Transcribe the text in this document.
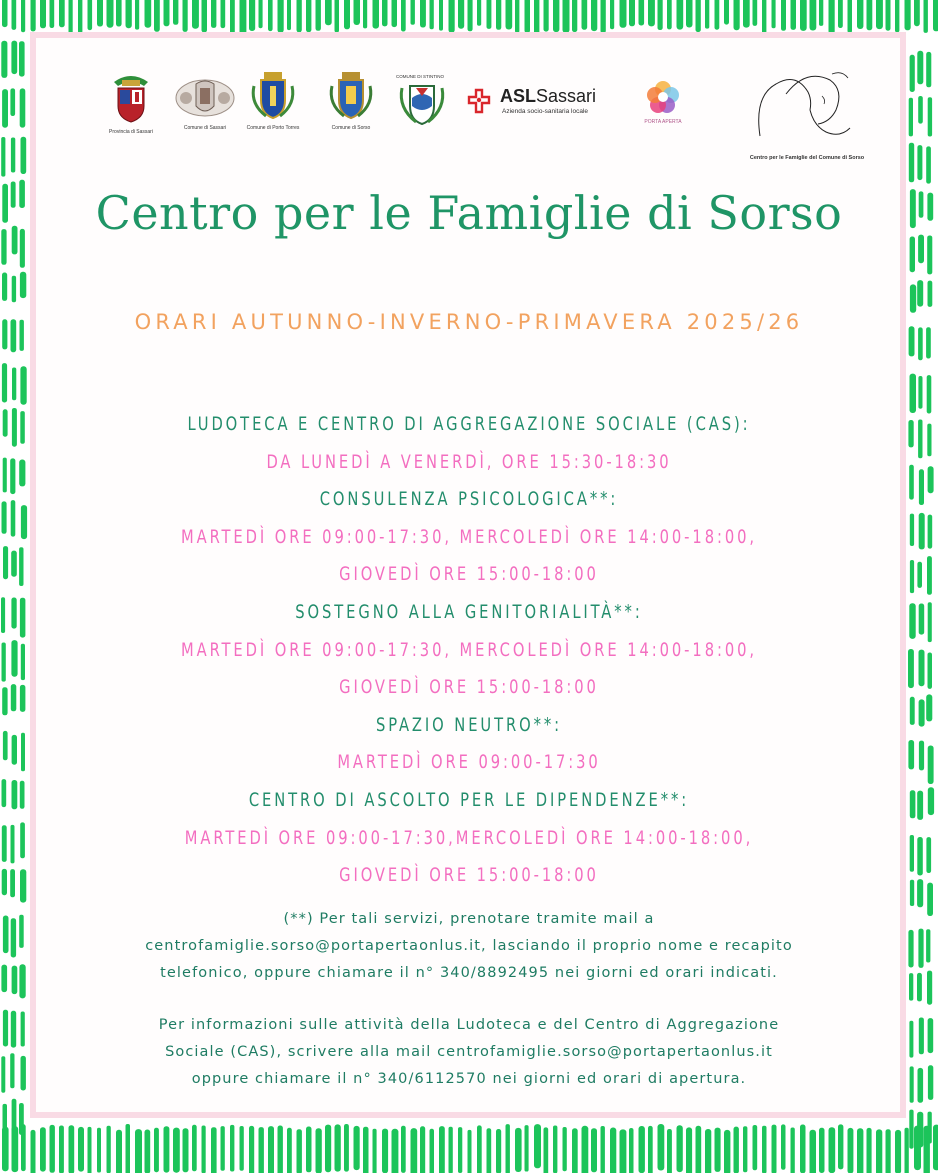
Provincia di Sassari
Comune di Sassari	Comune di Porto Torres	Comune di Sorso
COMUNE DI STINTINO
ASLSassari
Azienda socio-sanitaria locale
PORTA APERTA
Centro per le Famiglie del Comune di Sorso
Centro per le Famiglie di Sorso
ORARI AUTUNNO-INVERNO-PRIMAVERA 2025/26
LUDOTECA E CENTRO DI AGGREGAZIONE SOCIALE (CAS):
DA LUNEDÌ A VENERDÌ, ORE 15:30-18:30
CONSULENZA PSICOLOGICA**:
MARTEDÌ ORE 09:00-17:30, MERCOLEDÌ ORE 14:00-18:00,
GIOVEDÌ ORE 15:00-18:00
SOSTEGNO ALLA GENITORIALITÀ**:
MARTEDÌ ORE 09:00-17:30, MERCOLEDÌ ORE 14:00-18:00,
GIOVEDÌ ORE 15:00-18:00
SPAZIO NEUTRO**:
MARTEDÌ ORE 09:00-17:30
CENTRO DI ASCOLTO PER LE DIPENDENZE**:
MARTEDÌ ORE 09:00-17:30,MERCOLEDÌ ORE 14:00-18:00,
GIOVEDÌ ORE 15:00-18:00

(**) Per tali servizi, prenotare tramite mail a

centrofamiglie.sorso@portapertaonlus.it, lasciando il proprio nome e recapito

telefonico, oppure chiamare il n° 340/8892495 nei giorni ed orari indicati.

Per informazioni sulle attività della Ludoteca e del Centro di Aggregazione

Sociale (CAS), scrivere alla mail centrofamiglie.sorso@portapertaonlus.it

oppure chiamare il n° 340/6112570 nei giorni ed orari di apertura.
